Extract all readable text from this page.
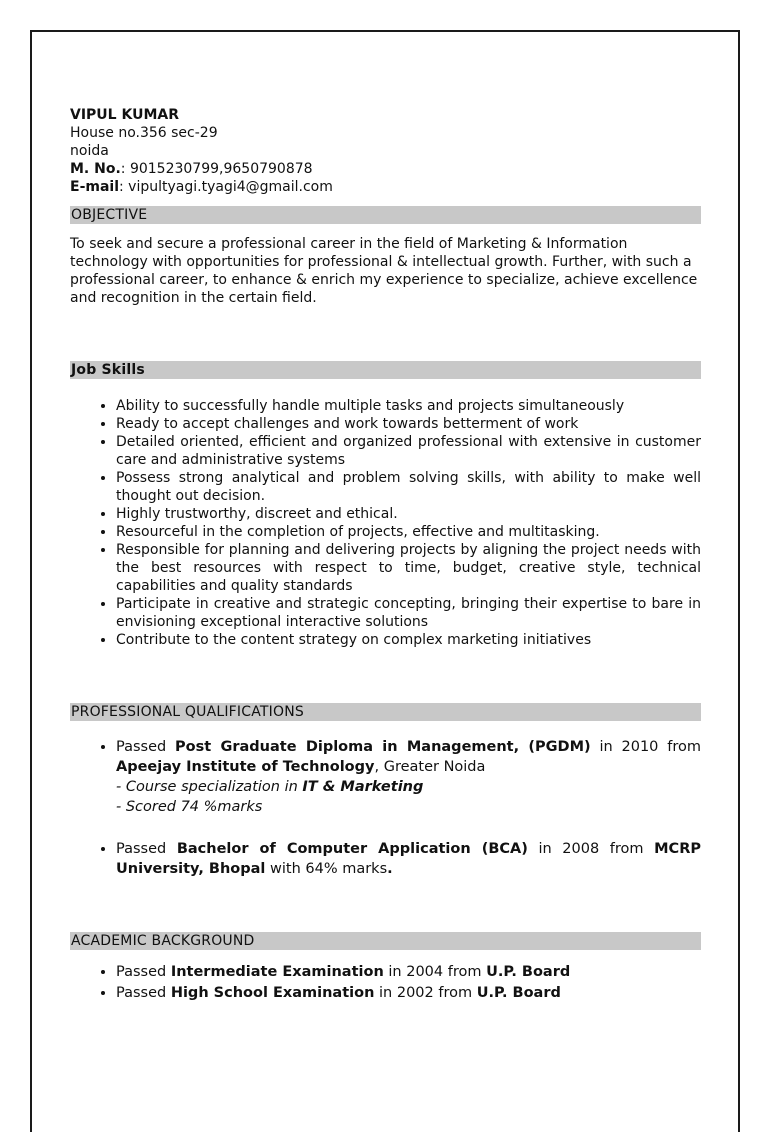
VIPUL KUMAR
House no.356 sec-29
noida
M. No.: 9015230799,9650790878
E-mail: vipultyagi.tyagi4@gmail.com
OBJECTIVE
To seek and secure a professional career in the field of Marketing & Information technology with opportunities for professional & intellectual growth. Further, with such a professional career, to enhance & enrich my experience to specialize, achieve excellence and recognition in the certain field.
Job Skills
• Ability to successfully handle multiple tasks and projects simultaneously
• Ready to accept challenges and work towards betterment of work
• Detailed oriented, efficient and organized professional with extensive in customer care and administrative systems
• Possess strong analytical and problem solving skills, with ability to make well thought out decision.
• Highly trustworthy, discreet and ethical.
• Resourceful in the completion of projects, effective and multitasking.
• Responsible for planning and delivering projects by aligning the project needs with the best resources with respect to time, budget, creative style, technical capabilities and quality standards
• Participate in creative and strategic concepting, bringing their expertise to bare in envisioning exceptional interactive solutions
• Contribute to the content strategy on complex marketing initiatives
PROFESSIONAL QUALIFICATIONS
• Passed Post Graduate Diploma in Management, (PGDM) in 2010 from Apeejay Institute of Technology, Greater Noida
- Course specialization in IT & Marketing
- Scored 74 %marks
• Passed Bachelor of Computer Application (BCA) in 2008 from MCRP University, Bhopal with 64% marks.
ACADEMIC BACKGROUND
• Passed Intermediate Examination in 2004 from U.P. Board
• Passed High School Examination in 2002 from U.P. Board
